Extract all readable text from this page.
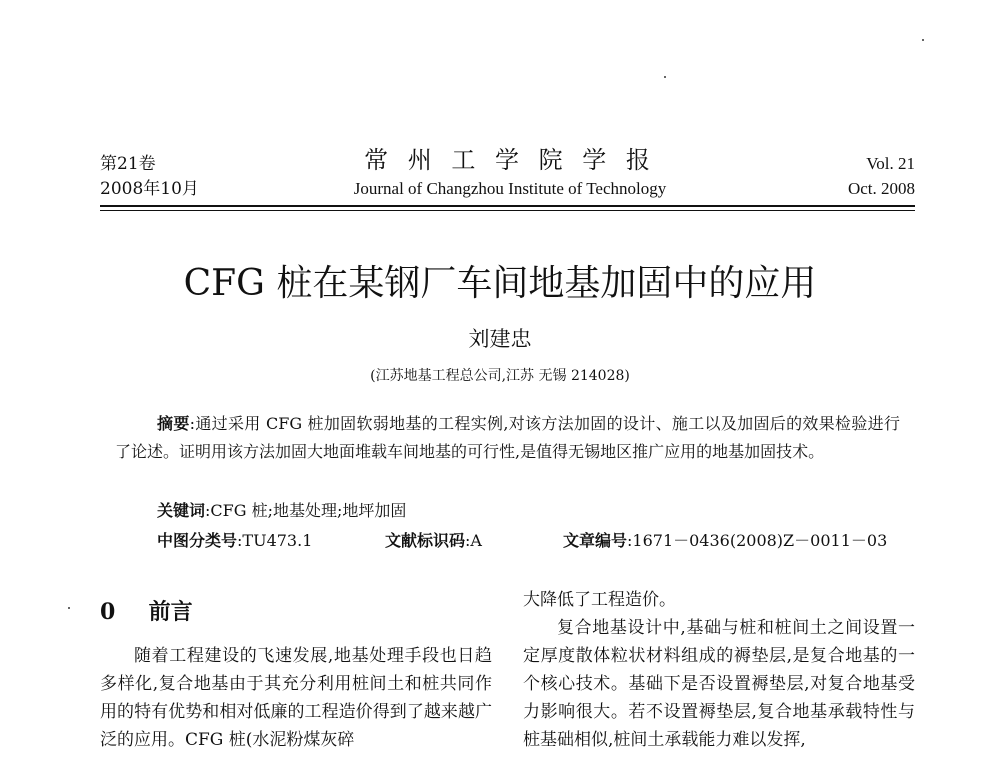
第21卷
2008年10月
常 州 工 学 院 学 报
Journal of Changzhou Institute of Technology
Vol. 21
Oct. 2008
CFG 桩在某钢厂车间地基加固中的应用
刘建忠
(江苏地基工程总公司,江苏 无锡 214028)
摘要:通过采用 CFG 桩加固软弱地基的工程实例,对该方法加固的设计、施工以及加固后的效果检验进行了论述。证明用该方法加固大地面堆载车间地基的可行性,是值得无锡地区推广应用的地基加固技术。
关键词:CFG 桩;地基处理;地坪加固
中图分类号:TU473.1	文献标识码:A	文章编号:1671－0436(2008)Z－0011－03
0 前言
随着工程建设的飞速发展,地基处理手段也日趋多样化,复合地基由于其充分利用桩间土和桩共同作用的特有优势和相对低廉的工程造价得到了越来越广泛的应用。CFG 桩(水泥粉煤灰碎
大降低了工程造价。
复合地基设计中,基础与桩和桩间土之间设置一定厚度散体粒状材料组成的褥垫层,是复合地基的一个核心技术。基础下是否设置褥垫层,对复合地基受力影响很大。若不设置褥垫层,复合地基承载特性与桩基础相似,桩间土承载能力难以发挥,
